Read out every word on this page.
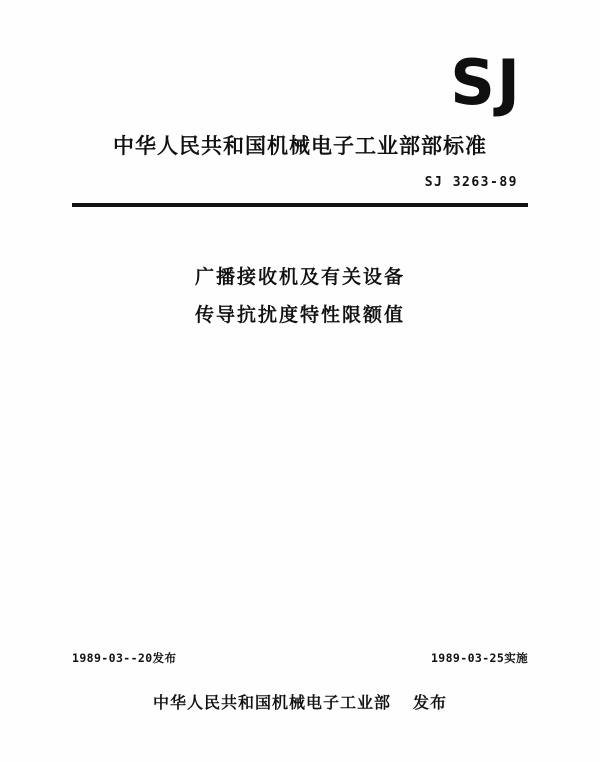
SJ
中华人民共和国机械电子工业部部标准
SJ 3263-89
广播接收机及有关设备
传导抗扰度特性限额值
1989-03--20发布	1989-03-25实施
中华人民共和国机械电子工业部 发布
